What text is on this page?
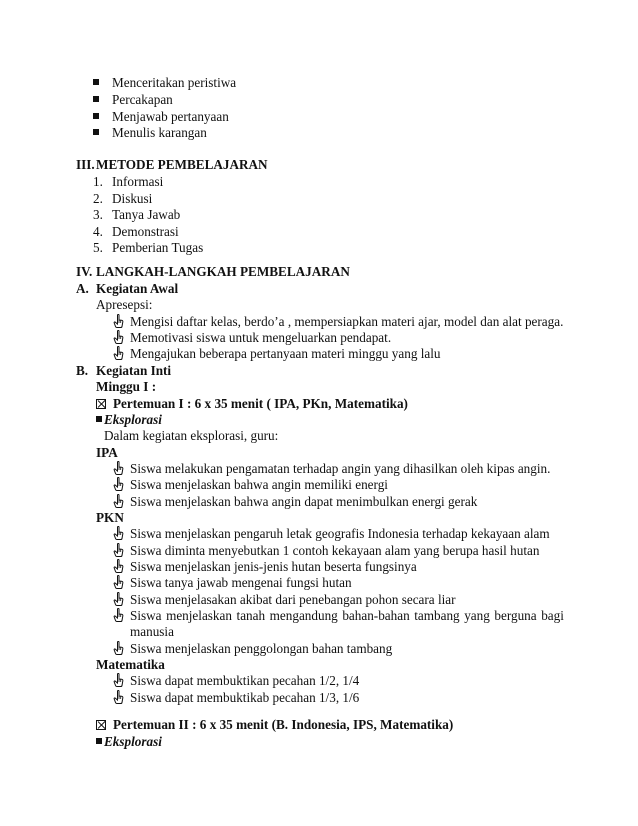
Menceritakan peristiwa
Percakapan
Menjawab pertanyaan
Menulis karangan
III. METODE PEMBELAJARAN
1. Informasi
2. Diskusi
3. Tanya Jawab
4. Demonstrasi
5. Pemberian Tugas
IV. LANGKAH-LANGKAH PEMBELAJARAN
A. Kegiatan Awal
Apresepsi:
Mengisi daftar kelas, berdo’a , mempersiapkan materi ajar, model dan alat peraga.
Memotivasi siswa untuk mengeluarkan pendapat.
Mengajukan beberapa pertanyaan materi minggu yang lalu
B. Kegiatan Inti
Minggu I :
Pertemuan I : 6 x 35 menit ( IPA, PKn, Matematika)
Eksplorasi
Dalam kegiatan eksplorasi, guru:
IPA
Siswa melakukan pengamatan terhadap angin yang dihasilkan oleh kipas angin.
Siswa menjelaskan bahwa angin memiliki energi
Siswa menjelaskan bahwa angin dapat menimbulkan energi gerak
PKN
Siswa menjelaskan pengaruh letak geografis Indonesia terhadap kekayaan alam
Siswa diminta menyebutkan 1 contoh kekayaan alam yang berupa hasil hutan
Siswa menjelaskan jenis-jenis hutan beserta fungsinya
Siswa tanya jawab mengenai fungsi hutan
Siswa menjelasakan akibat dari penebangan pohon secara liar
Siswa menjelaskan tanah mengandung bahan-bahan tambang yang berguna bagi
manusia
Siswa menjelaskan penggolongan bahan tambang
Matematika
Siswa dapat membuktikan pecahan 1/2, 1/4
Siswa dapat membuktikab pecahan 1/3, 1/6
Pertemuan II : 6 x 35 menit (B. Indonesia, IPS, Matematika)
Eksplorasi
